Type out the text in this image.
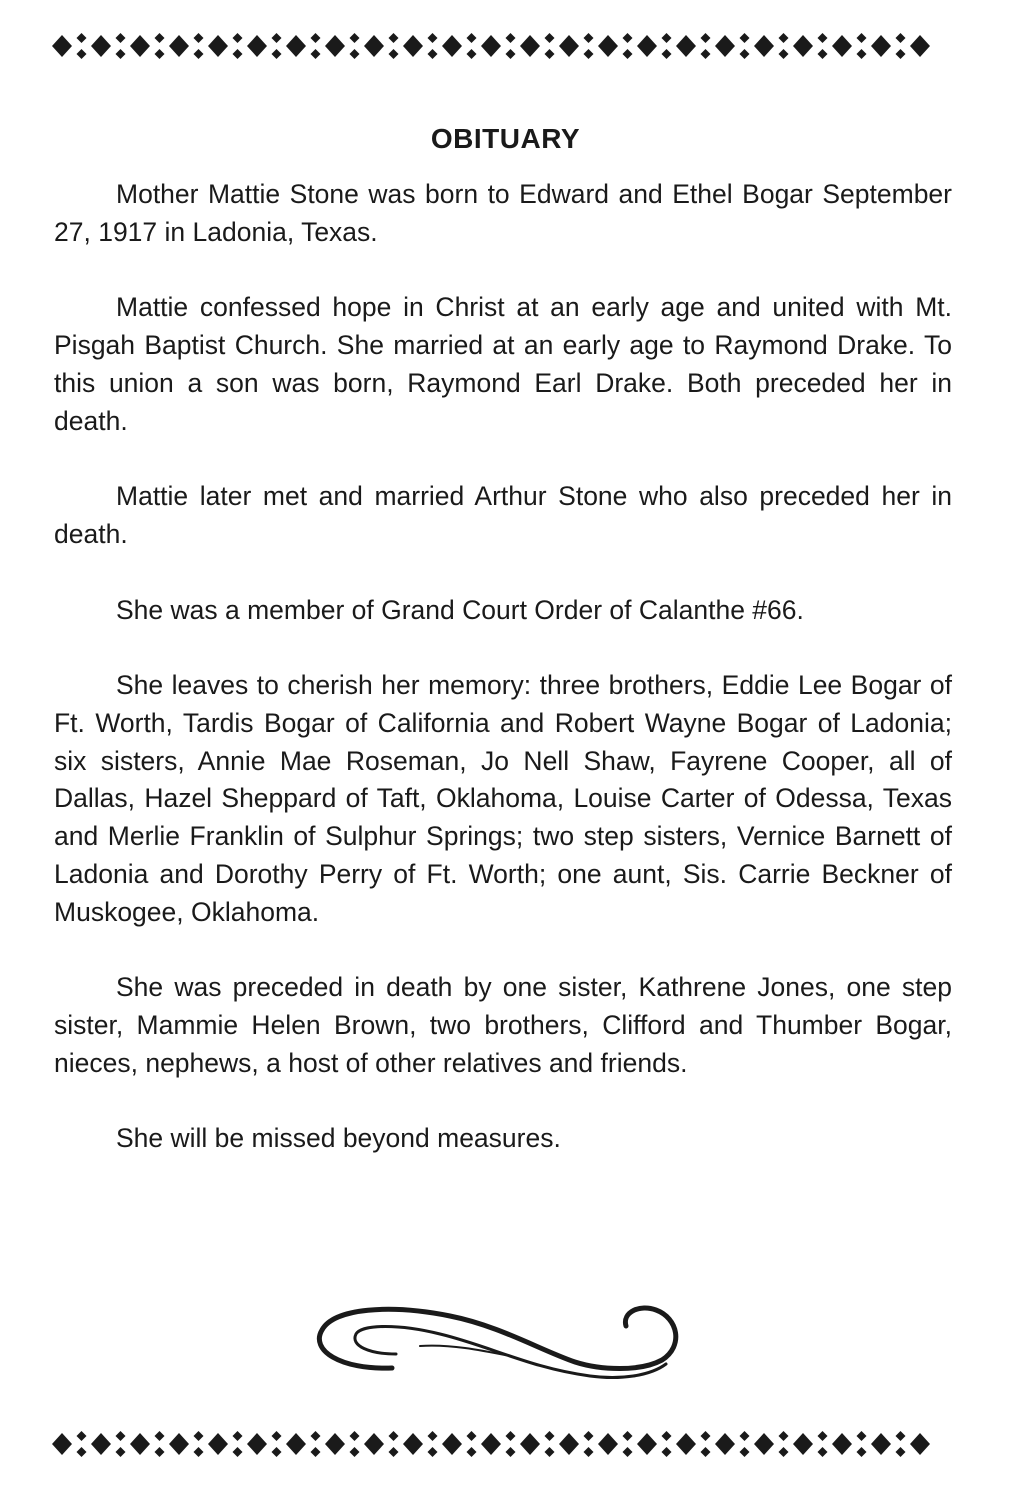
OBITUARY

Mother Mattie Stone was born to Edward and Ethel Bogar September 27, 1917 in Ladonia, Texas.

Mattie confessed hope in Christ at an early age and united with Mt. Pisgah Baptist Church. She married at an early age to Raymond Drake. To this union a son was born, Raymond Earl Drake. Both preceded her in death.

Mattie later met and married Arthur Stone who also preceded her in death.

She was a member of Grand Court Order of Calanthe #66.

She leaves to cherish her memory: three brothers, Eddie Lee Bogar of Ft. Worth, Tardis Bogar of California and Robert Wayne Bogar of Ladonia; six sisters, Annie Mae Roseman, Jo Nell Shaw, Fayrene Cooper, all of Dallas, Hazel Sheppard of Taft, Oklahoma, Louise Carter of Odessa, Texas and Merlie Franklin of Sulphur Springs; two step sisters, Vernice Barnett of Ladonia and Dorothy Perry of Ft. Worth; one aunt, Sis. Carrie Beckner of Muskogee, Oklahoma.

She was preceded in death by one sister, Kathrene Jones, one step sister, Mammie Helen Brown, two brothers, Clifford and Thumber Bogar, nieces, nephews, a host of other relatives and friends.

She will be missed beyond measures.
